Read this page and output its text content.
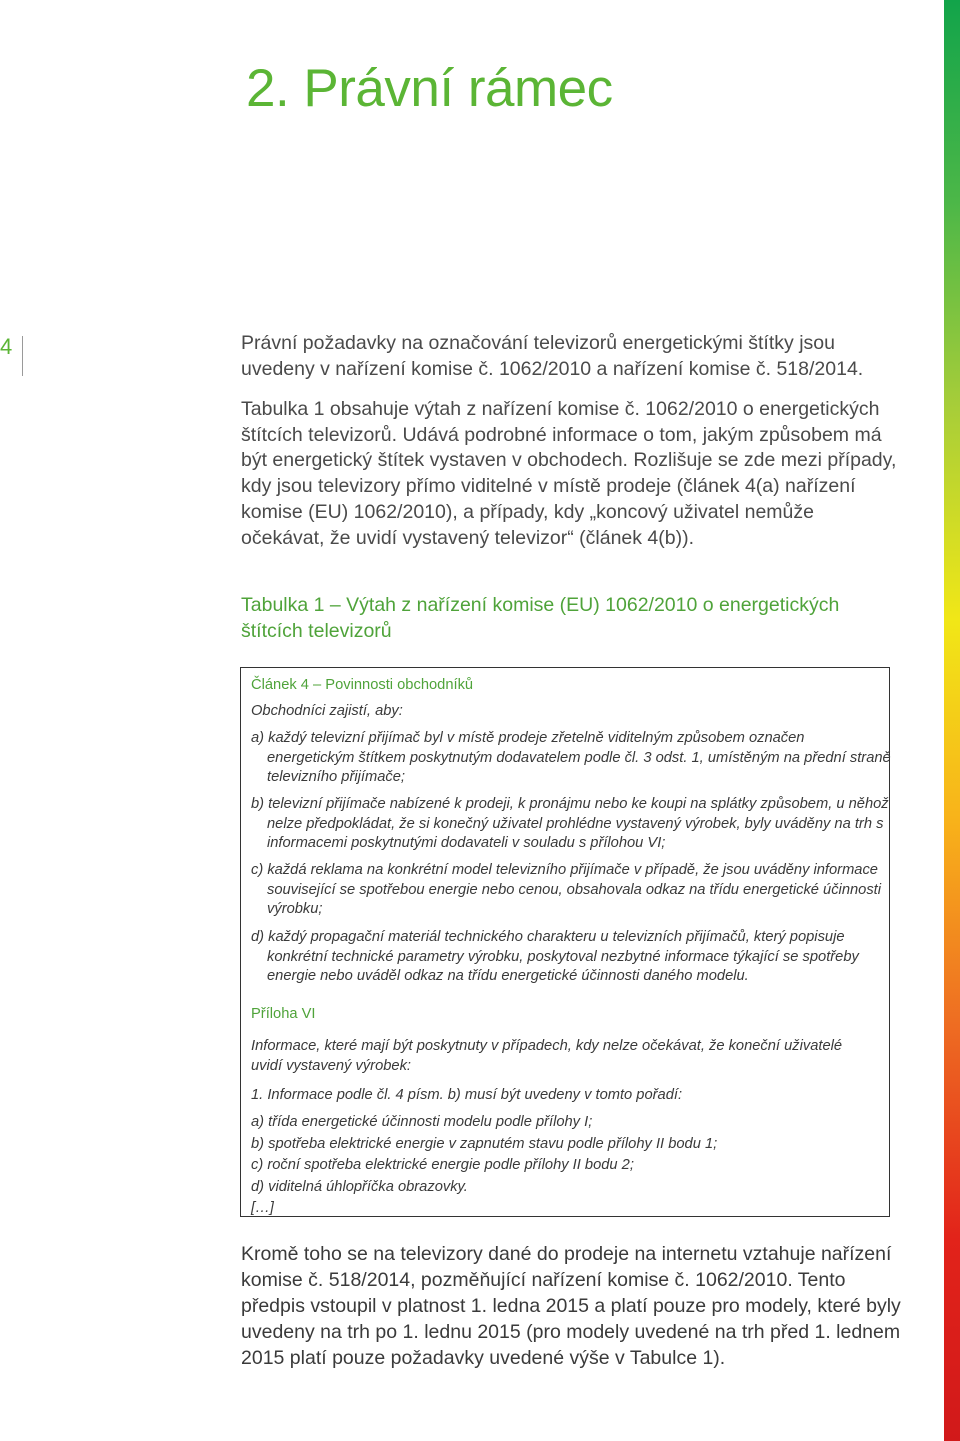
2. Právní rámec
4	Právní požadavky na označování televizorů energetickými štítky jsou uvedeny v nařízení komise č. 1062/2010 a nařízení komise č. 518/2014.

Tabulka 1 obsahuje výtah z nařízení komise č. 1062/2010 o energetických štítcích televizorů. Udává podrobné informace o tom, jakým způsobem má být energetický štítek vystaven v obchodech. Rozlišuje se zde mezi případy, kdy jsou televizory přímo viditelné v místě prodeje (článek 4(a) nařízení komise (EU) 1062/2010), a případy, kdy „koncový uživatel nemůže očekávat, že uvidí vystavený televizor“ (článek 4(b)).

Tabulka 1 – Výtah z nařízení komise (EU) 1062/2010 o energetických štítcích televizorů

Článek 4 – Povinnosti obchodníků

Obchodníci zajistí, aby:

a) každý televizní přijímač byl v místě prodeje zřetelně viditelným způsobem označen energetickým štítkem poskytnutým dodavatelem podle čl. 3 odst. 1, umístěným na přední straně televizního přijímače;

b) televizní přijímače nabízené k prodeji, k pronájmu nebo ke koupi na splátky způsobem, u něhož nelze předpokládat, že si konečný uživatel prohlédne vystavený výrobek, byly uváděny na trh s informacemi poskytnutými dodavateli v souladu s přílohou VI;

c) každá reklama na konkrétní model televizního přijímače v případě, že jsou uváděny informace související se spotřebou energie nebo cenou, obsahovala odkaz na třídu energetické účinnosti výrobku;

d) každý propagační materiál technického charakteru u televizních přijímačů, který popisuje konkrétní technické parametry výrobku, poskytoval nezbytné informace týkající se spotřeby energie nebo uváděl odkaz na třídu energetické účinnosti daného modelu.

Příloha VI

Informace, které mají být poskytnuty v případech, kdy nelze očekávat, že koneční uživatelé uvidí vystavený výrobek:

1. Informace podle čl. 4 písm. b) musí být uvedeny v tomto pořadí:

a) třída energetické účinnosti modelu podle přílohy I;

b) spotřeba elektrické energie v zapnutém stavu podle přílohy II bodu 1;

c) roční spotřeba elektrické energie podle přílohy II bodu 2;

d) viditelná úhlopříčka obrazovky.

[…]

Kromě toho se na televizory dané do prodeje na internetu vztahuje nařízení komise č. 518/2014, pozměňující nařízení komise č. 1062/2010. Tento předpis vstoupil v platnost 1. ledna 2015 a platí pouze pro modely, které byly uvedeny na trh po 1. lednu 2015 (pro modely uvedené na trh před 1. lednem 2015 platí pouze požadavky uvedené výše v Tabulce 1).
